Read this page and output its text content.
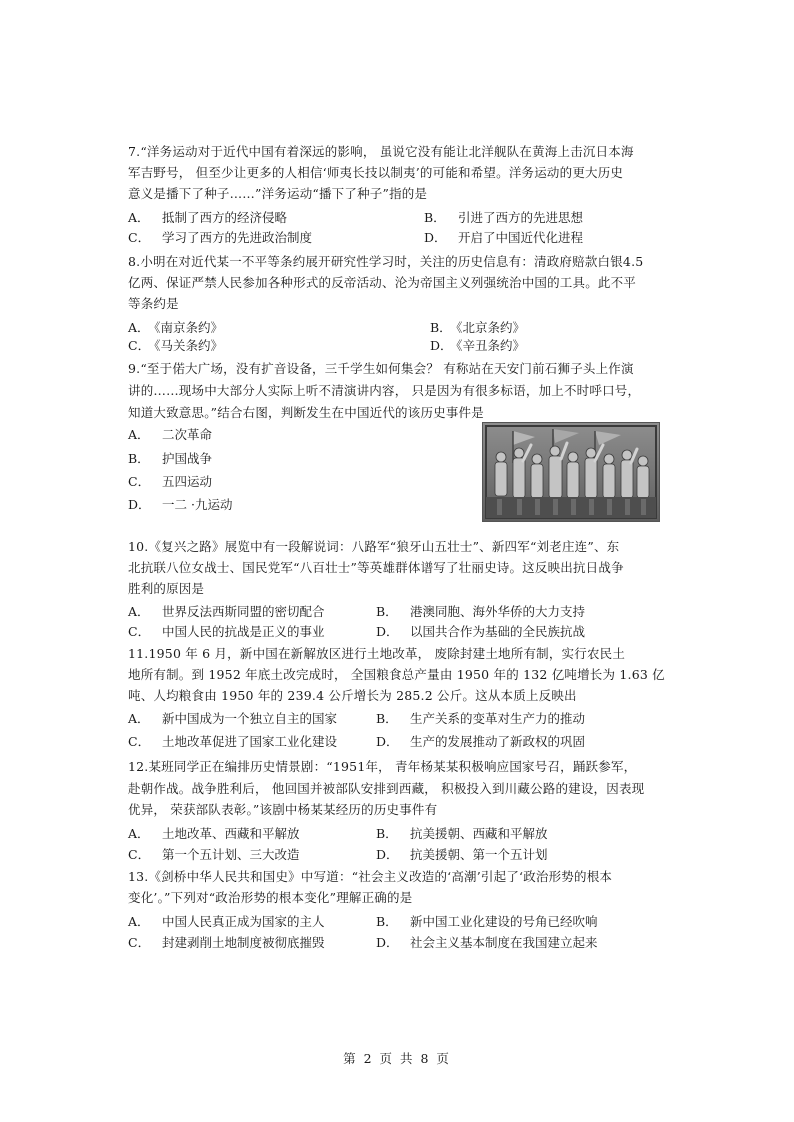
7.“洋务运动对于近代中国有着深远的影响， 虽说它没有能让北洋舰队在黄海上击沉日本海
军吉野号， 但至少让更多的人相信‘师夷长技以制夷’的可能和希望。洋务运动的更大历史
意义是播下了种子……”洋务运动“播下了种子”指的是
A． 抵制了西方的经济侵略	B． 引进了西方的先进思想
C． 学习了西方的先进政治制度	D． 开启了中国近代化进程
8.小明在对近代某一不平等条约展开研究性学习时，关注的历史信息有：清政府赔款白银4.5
亿两、保证严禁人民参加各种形式的反帝活动、沦为帝国主义列强统治中国的工具。此不平
等条约是
A．《南京条约》	B．《北京条约》
C．《马关条约》	D．《辛丑条约》
9.“至于偌大广场，没有扩音设备，三千学生如何集会？ 有称站在天安门前石狮子头上作演
讲的……现场中大部分人实际上听不清演讲内容， 只是因为有很多标语，加上不时呼口号，
知道大致意思。”结合右图，判断发生在中国近代的该历史事件是
A． 二次革命
B． 护国战争
C． 五四运动
D． 一二 ·九运动
10.《复兴之路》展览中有一段解说词：八路军“狼牙山五壮士”、新四军“刘老庄连”、东
北抗联八位女战士、国民党军“八百壮士”等英雄群体谱写了壮丽史诗。这反映出抗日战争
胜利的原因是
A． 世界反法西斯同盟的密切配合	B． 港澳同胞、海外华侨的大力支持
C． 中国人民的抗战是正义的事业	D． 以国共合作为基础的全民族抗战
11.1950 年 6 月，新中国在新解放区进行土地改革， 废除封建土地所有制，实行农民土
地所有制。到 1952 年底土改完成时， 全国粮食总产量由 1950 年的 132 亿吨增长为 1.63 亿
吨、人均粮食由 1950 年的 239.4 公斤增长为 285.2 公斤。这从本质上反映出
A． 新中国成为一个独立自主的国家	B． 生产关系的变革对生产力的推动
C． 土地改革促进了国家工业化建设	D． 生产的发展推动了新政权的巩固
12.某班同学正在编排历史情景剧：“1951年， 青年杨某某积极响应国家号召，踊跃参军，
赴朝作战。战争胜利后， 他回国并被部队安排到西藏， 积极投入到川藏公路的建设，因表现
优异， 荣获部队表彰。”该剧中杨某某经历的历史事件有
A． 土地改革、西藏和平解放	B． 抗美援朝、西藏和平解放
C． 第一个五计划、三大改造	D． 抗美援朝、第一个五计划
13.《剑桥中华人民共和国史》中写道：“社会主义改造的‘高潮’引起了‘政治形势的根本
变化’。”下列对“政治形势的根本变化”理解正确的是
A． 中国人民真正成为国家的主人	B． 新中国工业化建设的号角已经吹响
C． 封建剥削土地制度被彻底摧毁	D． 社会主义基本制度在我国建立起来
第 2 页 共 8 页
